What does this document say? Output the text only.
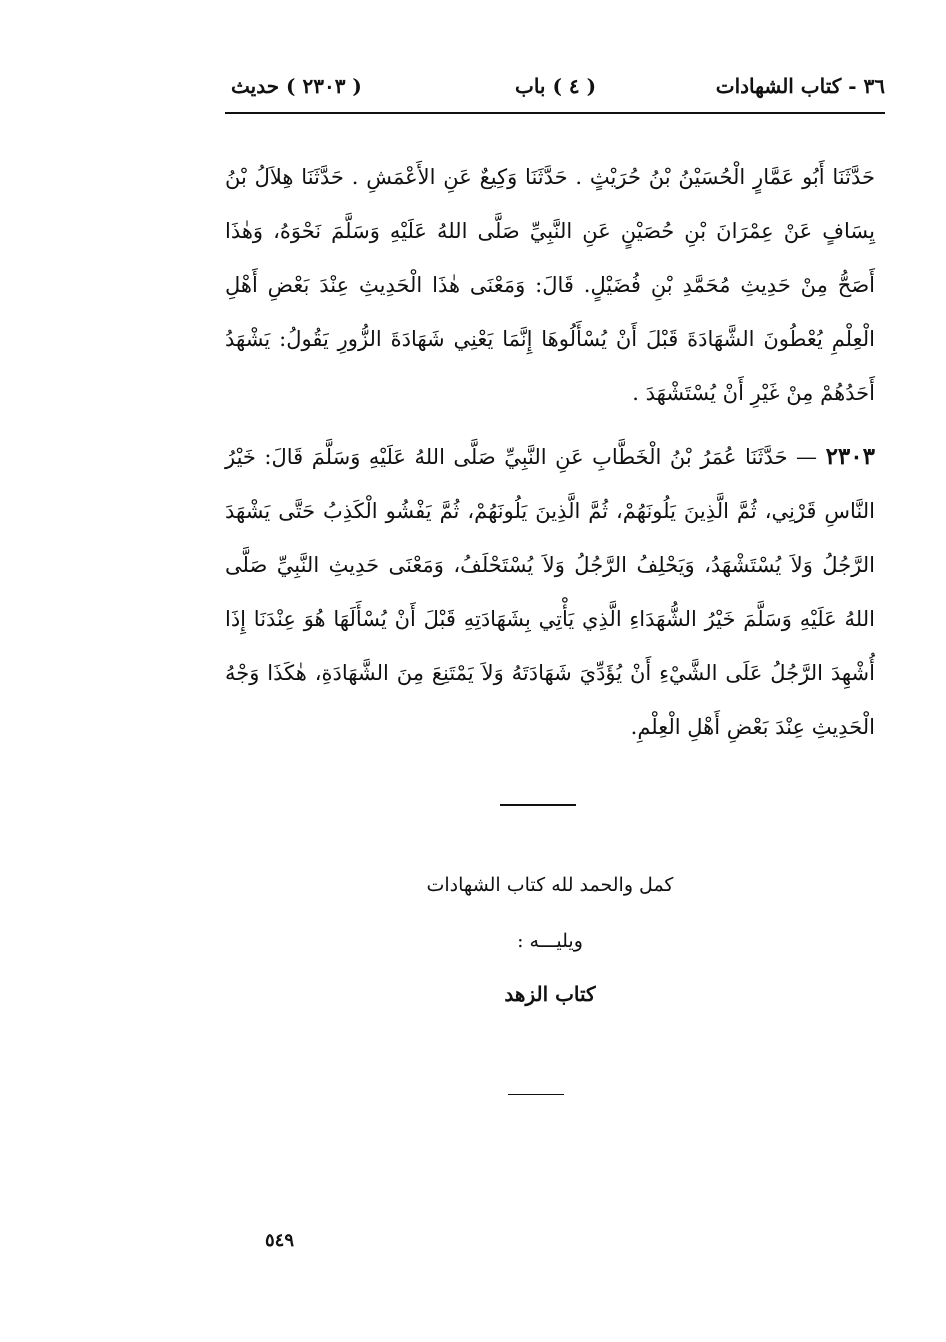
٣٦ - كتاب الشهادات
( ٤ ) باب
( ٢٣٠٣ ) حديث

حَدَّثَنَا أَبُو عَمَّارٍ الْحُسَيْنُ بْنُ حُرَيْثٍ . حَدَّثَنَا وَكِيعٌ عَنِ الأَعْمَشِ . حَدَّثَنَا هِلاَلُ بْنُ يِسَافٍ عَنْ عِمْرَانَ بْنِ حُصَيْنٍ عَنِ النَّبِيِّ صَلَّى اللهُ عَلَيْهِ وَسَلَّمَ نَحْوَهُ، وَهٰذَا أَصَحُّ مِنْ حَدِيثِ مُحَمَّدِ بْنِ فُضَيْلٍ. قَالَ: وَمَعْنَى هٰذَا الْحَدِيثِ عِنْدَ بَعْضِ أَهْلِ الْعِلْمِ يُعْطُونَ الشَّهَادَةَ قَبْلَ أَنْ يُسْأَلُوهَا إِنَّمَا يَعْنِي شَهَادَةَ الزُّورِ يَقُولُ: يَشْهَدُ أَحَدُهُمْ مِنْ غَيْرِ أَنْ يُسْتَشْهَدَ .

٢٣٠٣ — حَدَّثَنَا عُمَرُ بْنُ الْخَطَّابِ عَنِ النَّبِيِّ صَلَّى اللهُ عَلَيْهِ وَسَلَّمَ قَالَ: خَيْرُ النَّاسِ قَرْنِي، ثُمَّ الَّذِينَ يَلُونَهُمْ، ثُمَّ الَّذِينَ يَلُونَهُمْ، ثُمَّ يَفْشُو الْكَذِبُ حَتَّى يَشْهَدَ الرَّجُلُ وَلاَ يُسْتَشْهَدُ، وَيَحْلِفُ الرَّجُلُ وَلاَ يُسْتَحْلَفُ، وَمَعْنَى حَدِيثِ النَّبِيِّ صَلَّى اللهُ عَلَيْهِ وَسَلَّمَ خَيْرُ الشُّهَدَاءِ الَّذِي يَأْتِي بِشَهَادَتِهِ قَبْلَ أَنْ يُسْأَلَهَا هُوَ عِنْدَنَا إِذَا أُشْهِدَ الرَّجُلُ عَلَى الشَّيْءِ أَنْ يُؤَدِّيَ شَهَادَتَهُ وَلاَ يَمْتَنِعَ مِنَ الشَّهَادَةِ، هٰكَذَا وَجْهُ الْحَدِيثِ عِنْدَ بَعْضِ أَهْلِ الْعِلْمِ.

كمل والحمد لله كتاب الشهادات
ويليـــه :
كتاب الزهد
٥٤٩
